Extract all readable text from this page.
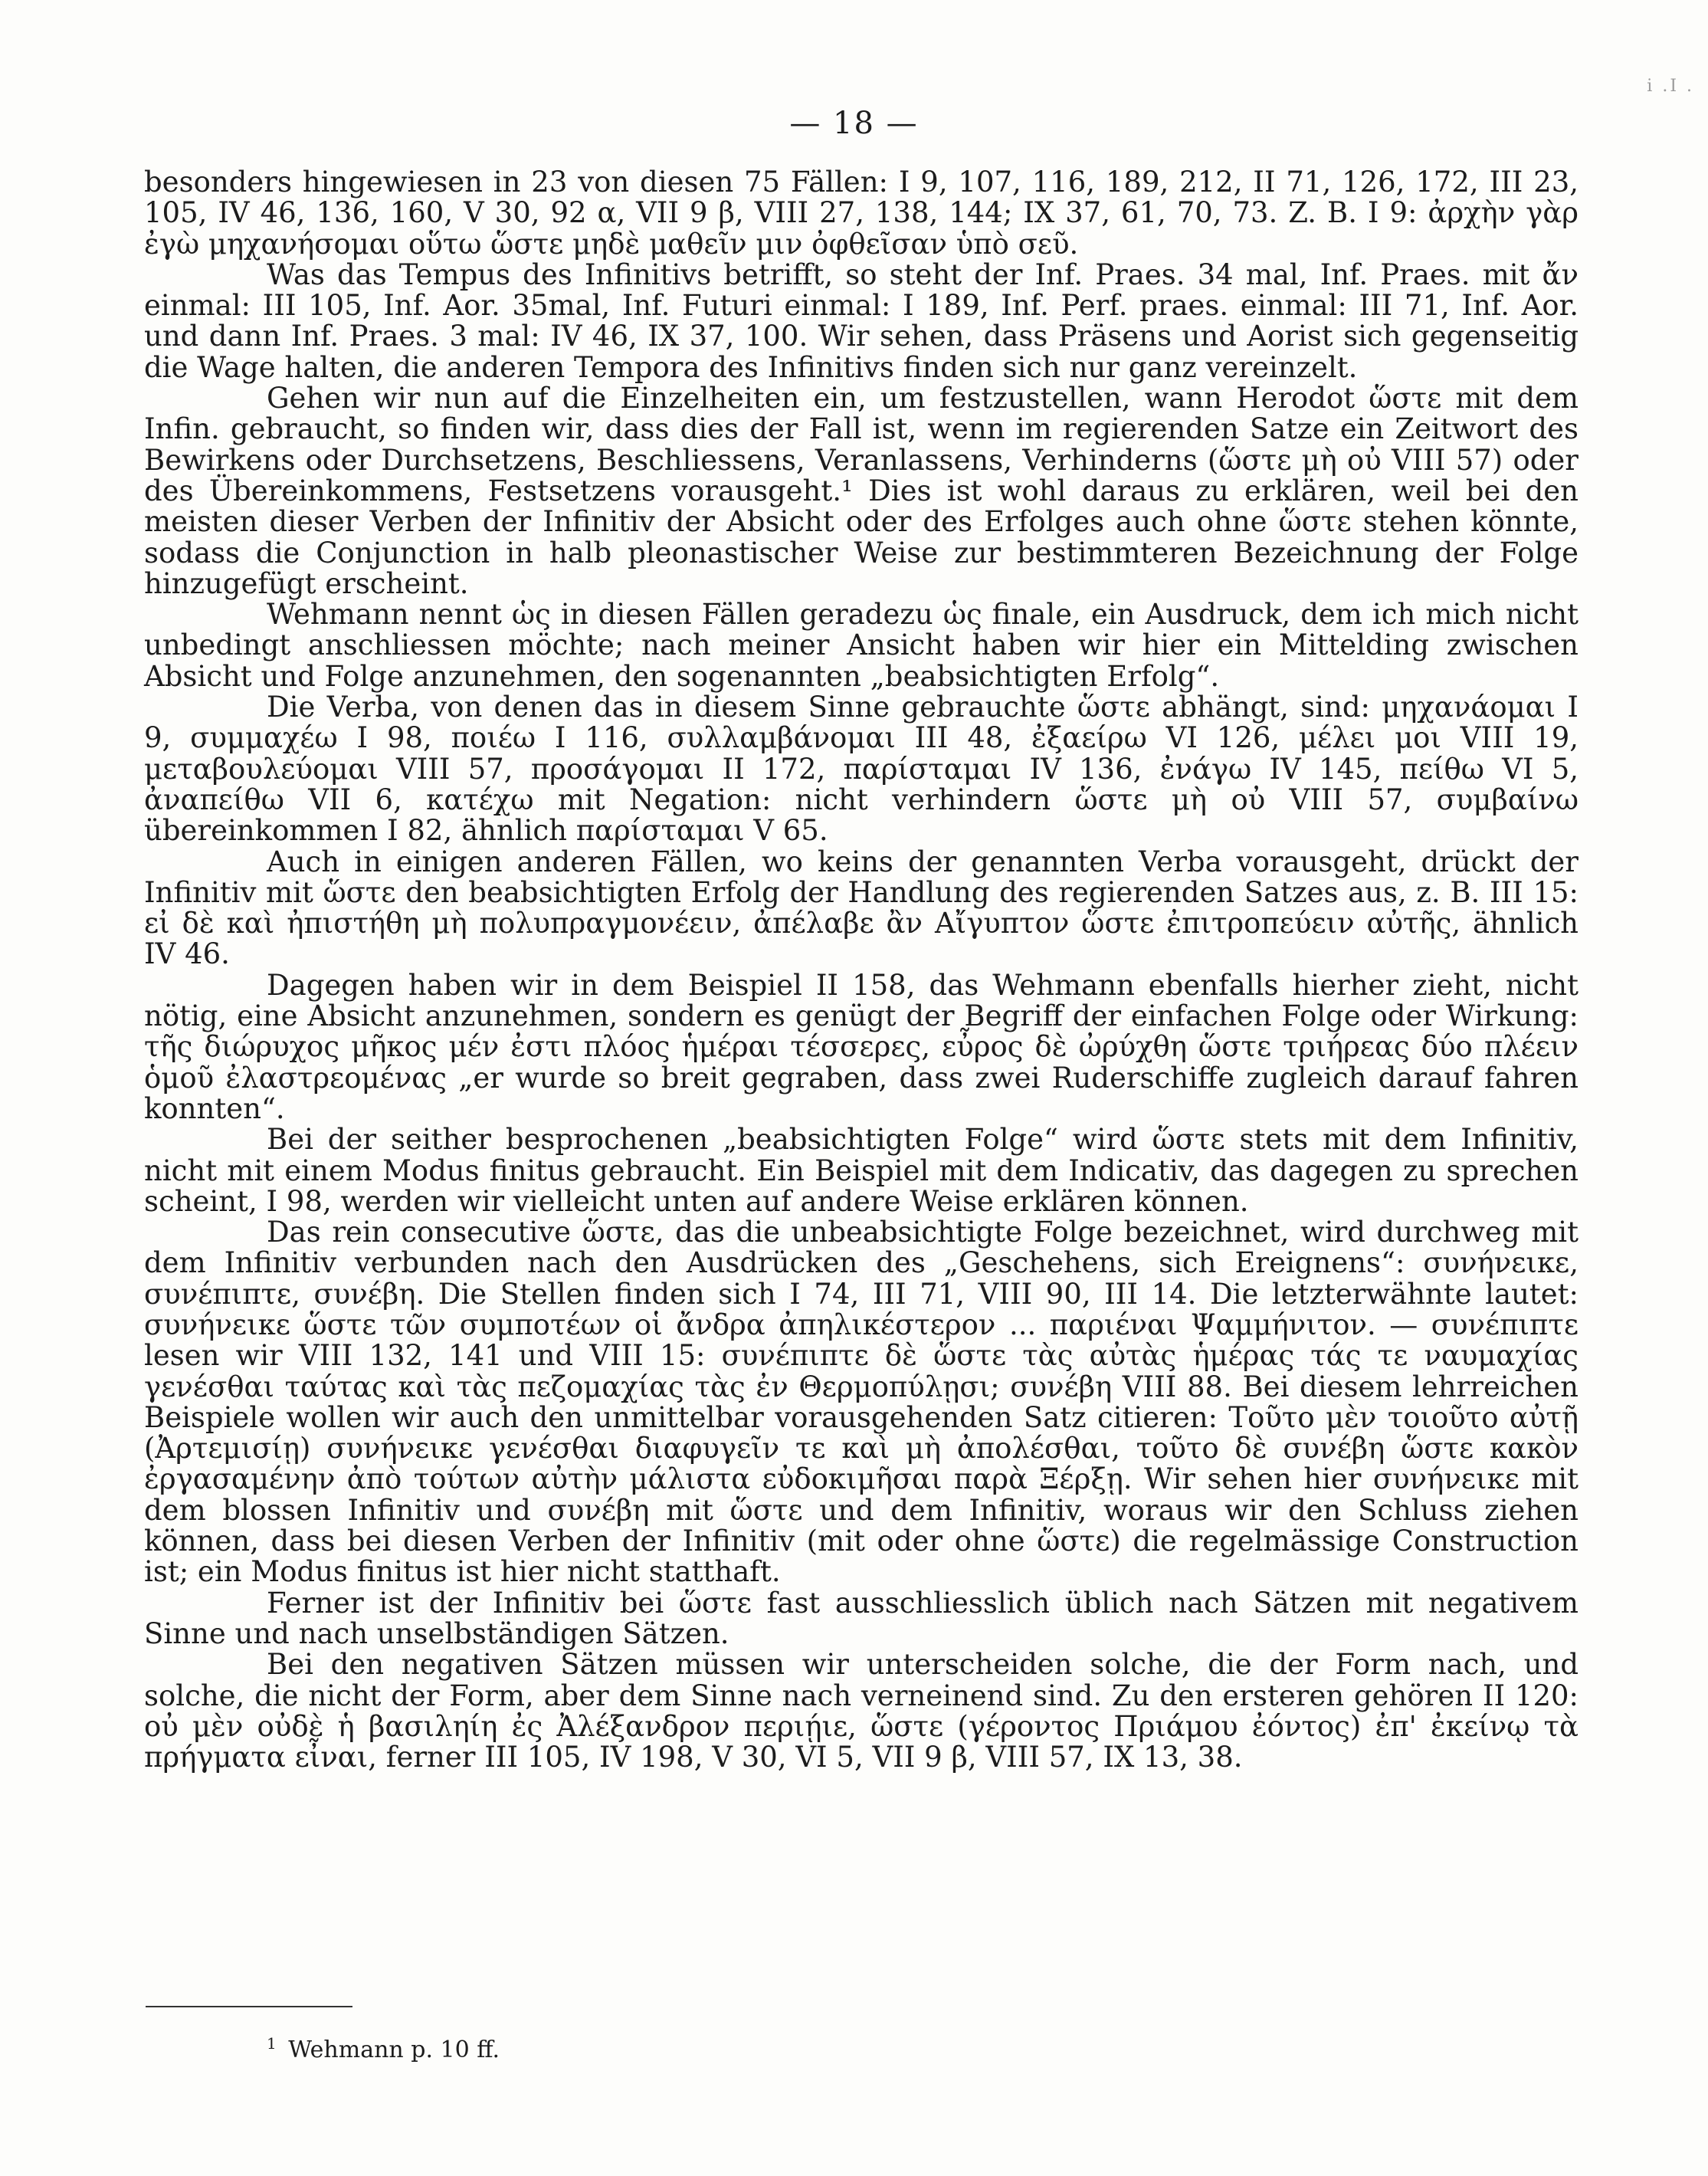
i .I .
— 18 —

besonders hingewiesen in 23 von diesen 75 Fällen: I 9, 107, 116, 189, 212, II 71, 126, 172, III 23, 105, IV 46, 136, 160, V 30, 92 α, VII 9 β, VIII 27, 138, 144; IX 37, 61, 70, 73. Z. B. I 9: ἀρχὴν γὰρ ἐγὼ μηχανήσομαι οὕτω ὥστε μηδὲ μαθεῖν μιν ὀφθεῖσαν ὑπὸ σεῦ.

Was das Tempus des Infinitivs betrifft, so steht der Inf. Praes. 34 mal, Inf. Praes. mit ἄν einmal: III 105, Inf. Aor. 35mal, Inf. Futuri einmal: I 189, Inf. Perf. praes. einmal: III 71, Inf. Aor. und dann Inf. Praes. 3 mal: IV 46, IX 37, 100. Wir sehen, dass Präsens und Aorist sich gegenseitig die Wage halten, die anderen Tempora des Infinitivs finden sich nur ganz vereinzelt.

Gehen wir nun auf die Einzelheiten ein, um festzustellen, wann Herodot ὥστε mit dem Infin. gebraucht, so finden wir, dass dies der Fall ist, wenn im regierenden Satze ein Zeitwort des Bewirkens oder Durchsetzens, Beschliessens, Veranlassens, Verhinderns (ὥστε μὴ οὐ VIII 57) oder des Übereinkommens, Festsetzens vorausgeht.¹ Dies ist wohl daraus zu erklären, weil bei den meisten dieser Verben der Infinitiv der Absicht oder des Erfolges auch ohne ὥστε stehen könnte, sodass die Conjunction in halb pleonastischer Weise zur bestimmteren Bezeichnung der Folge hinzugefügt erscheint.

Wehmann nennt ὡς in diesen Fällen geradezu ὡς finale, ein Ausdruck, dem ich mich nicht unbedingt anschliessen möchte; nach meiner Ansicht haben wir hier ein Mittelding zwischen Absicht und Folge anzunehmen, den sogenannten „beabsichtigten Erfolg“.

Die Verba, von denen das in diesem Sinne gebrauchte ὥστε abhängt, sind: μηχανάομαι I 9, συμμαχέω I 98, ποιέω I 116, συλλαμβάνομαι III 48, ἐξαείρω VI 126, μέλει μοι VIII 19, μεταβουλεύομαι VIII 57, προσάγομαι II 172, παρίσταμαι IV 136, ἐνάγω IV 145, πείθω VI 5, ἀναπείθω VII 6, κατέχω mit Negation: nicht verhindern ὥστε μὴ οὐ VIII 57, συμβαίνω übereinkommen I 82, ähnlich παρίσταμαι V 65.

Auch in einigen anderen Fällen, wo keins der genannten Verba vorausgeht, drückt der Infinitiv mit ὥστε den beabsichtigten Erfolg der Handlung des regierenden Satzes aus, z. B. III 15: εἰ δὲ καὶ ἠπιστήθη μὴ πολυπραγμονέειν, ἀπέλαβε ἂν Αἴγυπτον ὥστε ἐπιτροπεύειν αὐτῆς, ähnlich IV 46.

Dagegen haben wir in dem Beispiel II 158, das Wehmann ebenfalls hierher zieht, nicht nötig, eine Absicht anzunehmen, sondern es genügt der Begriff der einfachen Folge oder Wirkung: τῆς διώρυχος μῆκος μέν ἐστι πλόος ἡμέραι τέσσερες, εὖρος δὲ ὠρύχθη ὥστε τριήρεας δύο πλέειν ὁμοῦ ἐλαστρεομένας „er wurde so breit gegraben, dass zwei Ruderschiffe zugleich darauf fahren konnten“.

Bei der seither besprochenen „beabsichtigten Folge“ wird ὥστε stets mit dem Infinitiv, nicht mit einem Modus finitus gebraucht. Ein Beispiel mit dem Indicativ, das dagegen zu sprechen scheint, I 98, werden wir vielleicht unten auf andere Weise erklären können.

Das rein consecutive ὥστε, das die unbeabsichtigte Folge bezeichnet, wird durchweg mit dem Infinitiv verbunden nach den Ausdrücken des „Geschehens, sich Ereignens“: συνήνεικε, συνέπιπτε, συνέβη. Die Stellen finden sich I 74, III 71, VIII 90, III 14. Die letzterwähnte lautet: συνήνεικε ὥστε τῶν συμποτέων οἱ ἄνδρα ἀπηλικέστερον ... παριέναι Ψαμμήνιτον. — συνέπιπτε lesen wir VIII 132, 141 und VIII 15: συνέπιπτε δὲ ὥστε τὰς αὐτὰς ἡμέρας τάς τε ναυμαχίας γενέσθαι ταύτας καὶ τὰς πεζομαχίας τὰς ἐν Θερμοπύλῃσι; συνέβη VIII 88. Bei diesem lehrreichen Beispiele wollen wir auch den unmittelbar vorausgehenden Satz citieren: Τοῦτο μὲν τοιοῦτο αὐτῇ (Ἀρτεμισίῃ) συνήνεικε γενέσθαι διαφυγεῖν τε καὶ μὴ ἀπολέσθαι, τοῦτο δὲ συνέβη ὥστε κακὸν ἐργασαμένην ἀπὸ τούτων αὐτὴν μάλιστα εὐδοκιμῆσαι παρὰ Ξέρξῃ. Wir sehen hier συνήνεικε mit dem blossen Infinitiv und συνέβη mit ὥστε und dem Infinitiv, woraus wir den Schluss ziehen können, dass bei diesen Verben der Infinitiv (mit oder ohne ὥστε) die regelmässige Construction ist; ein Modus finitus ist hier nicht statthaft.

Ferner ist der Infinitiv bei ὥστε fast ausschliesslich üblich nach Sätzen mit negativem Sinne und nach unselbständigen Sätzen.

Bei den negativen Sätzen müssen wir unterscheiden solche, die der Form nach, und solche, die nicht der Form, aber dem Sinne nach verneinend sind. Zu den ersteren gehören II 120: οὐ μὲν οὐδὲ ἡ βασιληίη ἐς Ἀλέξανδρον περιῄιε, ὥστε (γέροντος Πριάμου ἐόντος) ἐπ' ἐκείνῳ τὰ πρήγματα εἶναι, ferner III 105, IV 198, V 30, VI 5, VII 9 β, VIII 57, IX 13, 38.

$^1$ Wehmann p. 10 ff.
